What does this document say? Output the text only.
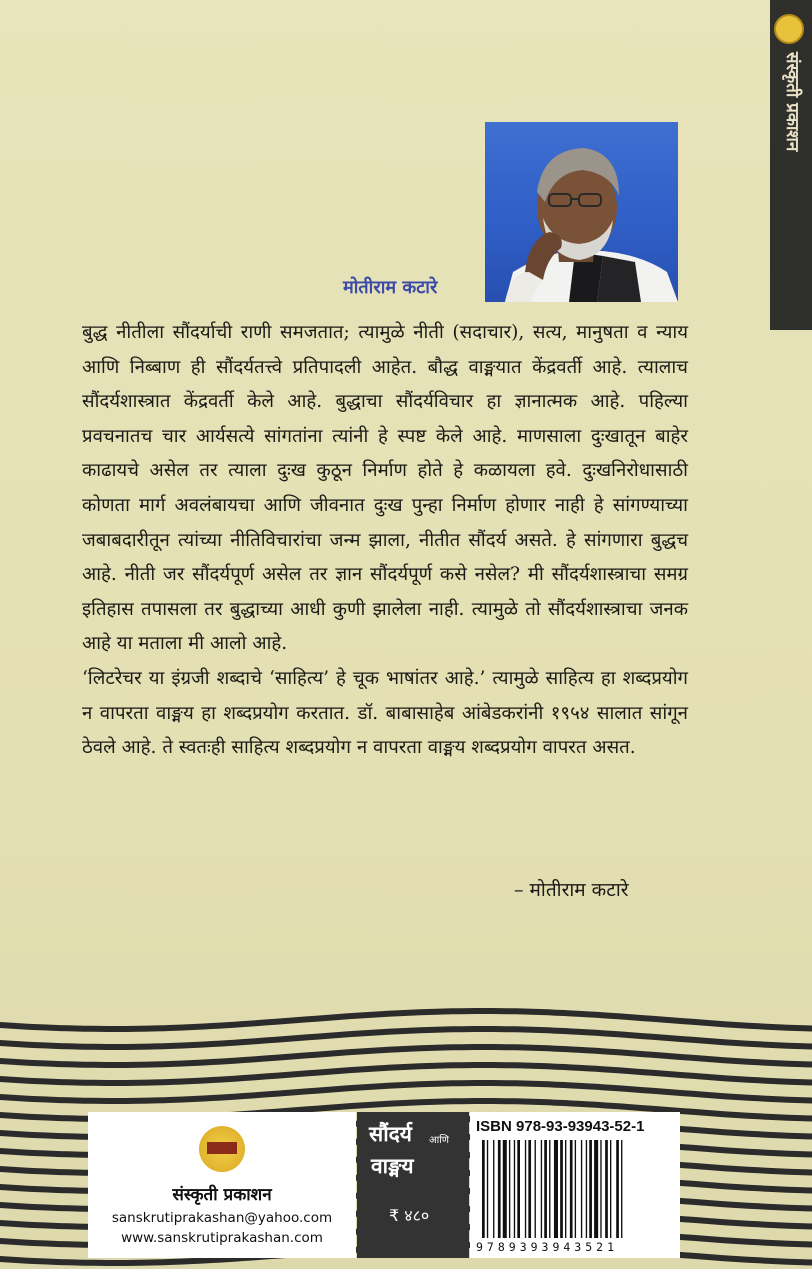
संस्कृती प्रकाशन
मोतीराम कटारे

बुद्ध नीतीला सौंदर्याची राणी समजतात; त्यामुळे नीती (सदाचार), सत्य, मानुषता व न्याय आणि निब्बाण ही सौंदर्यतत्त्वे प्रतिपादली आहेत. बौद्ध वाङ्मयात केंद्रवर्ती आहे. त्यालाच सौंदर्यशास्त्रात केंद्रवर्ती केले आहे. बुद्धाचा सौंदर्यविचार हा ज्ञानात्मक आहे. पहिल्या प्रवचनातच चार आर्यसत्ये सांगतांना त्यांनी हे स्पष्ट केले आहे. माणसाला दुःखातून बाहेर काढायचे असेल तर त्याला दुःख कुठून निर्माण होते हे कळायला हवे. दुःखनिरोधासाठी कोणता मार्ग अवलंबायचा आणि जीवनात दुःख पुन्हा निर्माण होणार नाही हे सांगण्याच्या जबाबदारीतून त्यांच्या नीतिविचारांचा जन्म झाला, नीतीत सौंदर्य असते. हे सांगणारा बुद्धच आहे. नीती जर सौंदर्यपूर्ण असेल तर ज्ञान सौंदर्यपूर्ण कसे नसेल? मी सौंदर्यशास्त्राचा समग्र इतिहास तपासला तर बुद्धाच्या आधी कुणी झालेला नाही. त्यामुळे तो सौंदर्यशास्त्राचा जनक आहे या मताला मी आलो आहे.

‘लिटरेचर या इंग्रजी शब्दाचे ‘साहित्य’ हे चूक भाषांतर आहे.’ त्यामुळे साहित्य हा शब्दप्रयोग न वापरता वाङ्मय हा शब्दप्रयोग करतात. डॉ. बाबासाहेब आंबेडकरांनी १९५४ सालात सांगून ठेवले आहे. ते स्वतःही साहित्य शब्दप्रयोग न वापरता वाङ्मय शब्दप्रयोग वापरत असत.

– मोतीराम कटारे
संस्कृती प्रकाशन
sanskrutiprakashan@yahoo.com
www.sanskrutiprakashan.com
सौंदर्य आणि
वाङ्मय
₹ ४८०
ISBN 978-93-93943-52-1
9789393943521
